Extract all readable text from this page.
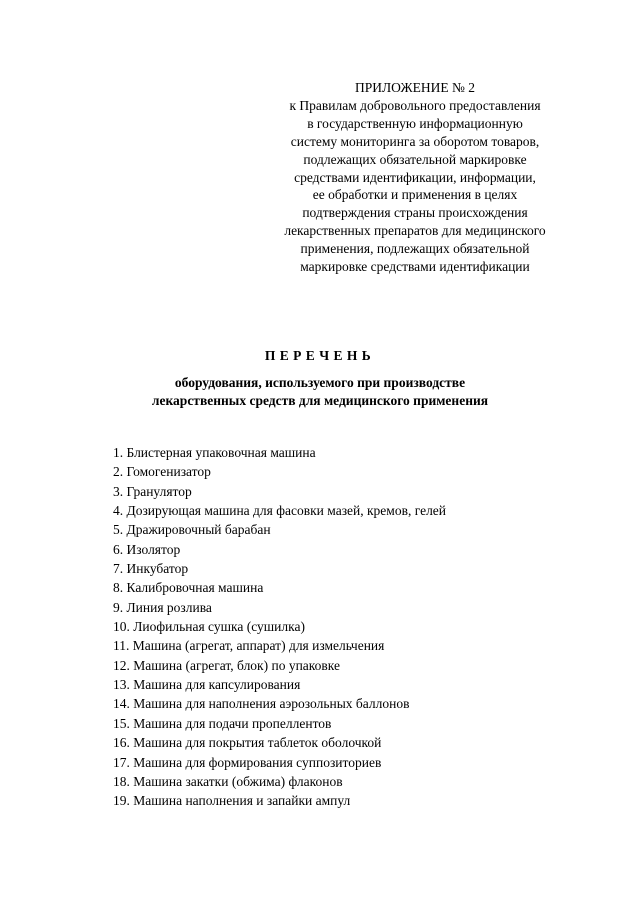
ПРИЛОЖЕНИЕ № 2
к Правилам добровольного предоставления
в государственную информационную
систему мониторинга за оборотом товаров,
подлежащих обязательной маркировке
средствами идентификации, информации,
ее обработки и применения в целях
подтверждения страны происхождения
лекарственных препаратов для медицинского
применения, подлежащих обязательной
маркировке средствами идентификации
ПЕРЕЧЕНЬ
оборудования, используемого при производстве
лекарственных средств для медицинского применения
1. Блистерная упаковочная машина
2. Гомогенизатор
3. Гранулятор
4. Дозирующая машина для фасовки мазей, кремов, гелей
5. Дражировочный барабан
6. Изолятор
7. Инкубатор
8. Калибровочная машина
9. Линия розлива
10. Лиофильная сушка (сушилка)
11. Машина (агрегат, аппарат) для измельчения
12. Машина (агрегат, блок) по упаковке
13. Машина для капсулирования
14. Машина для наполнения аэрозольных баллонов
15. Машина для подачи пропеллентов
16. Машина для покрытия таблеток оболочкой
17. Машина для формирования суппозиториев
18. Машина закатки (обжима) флаконов
19. Машина наполнения и запайки ампул
